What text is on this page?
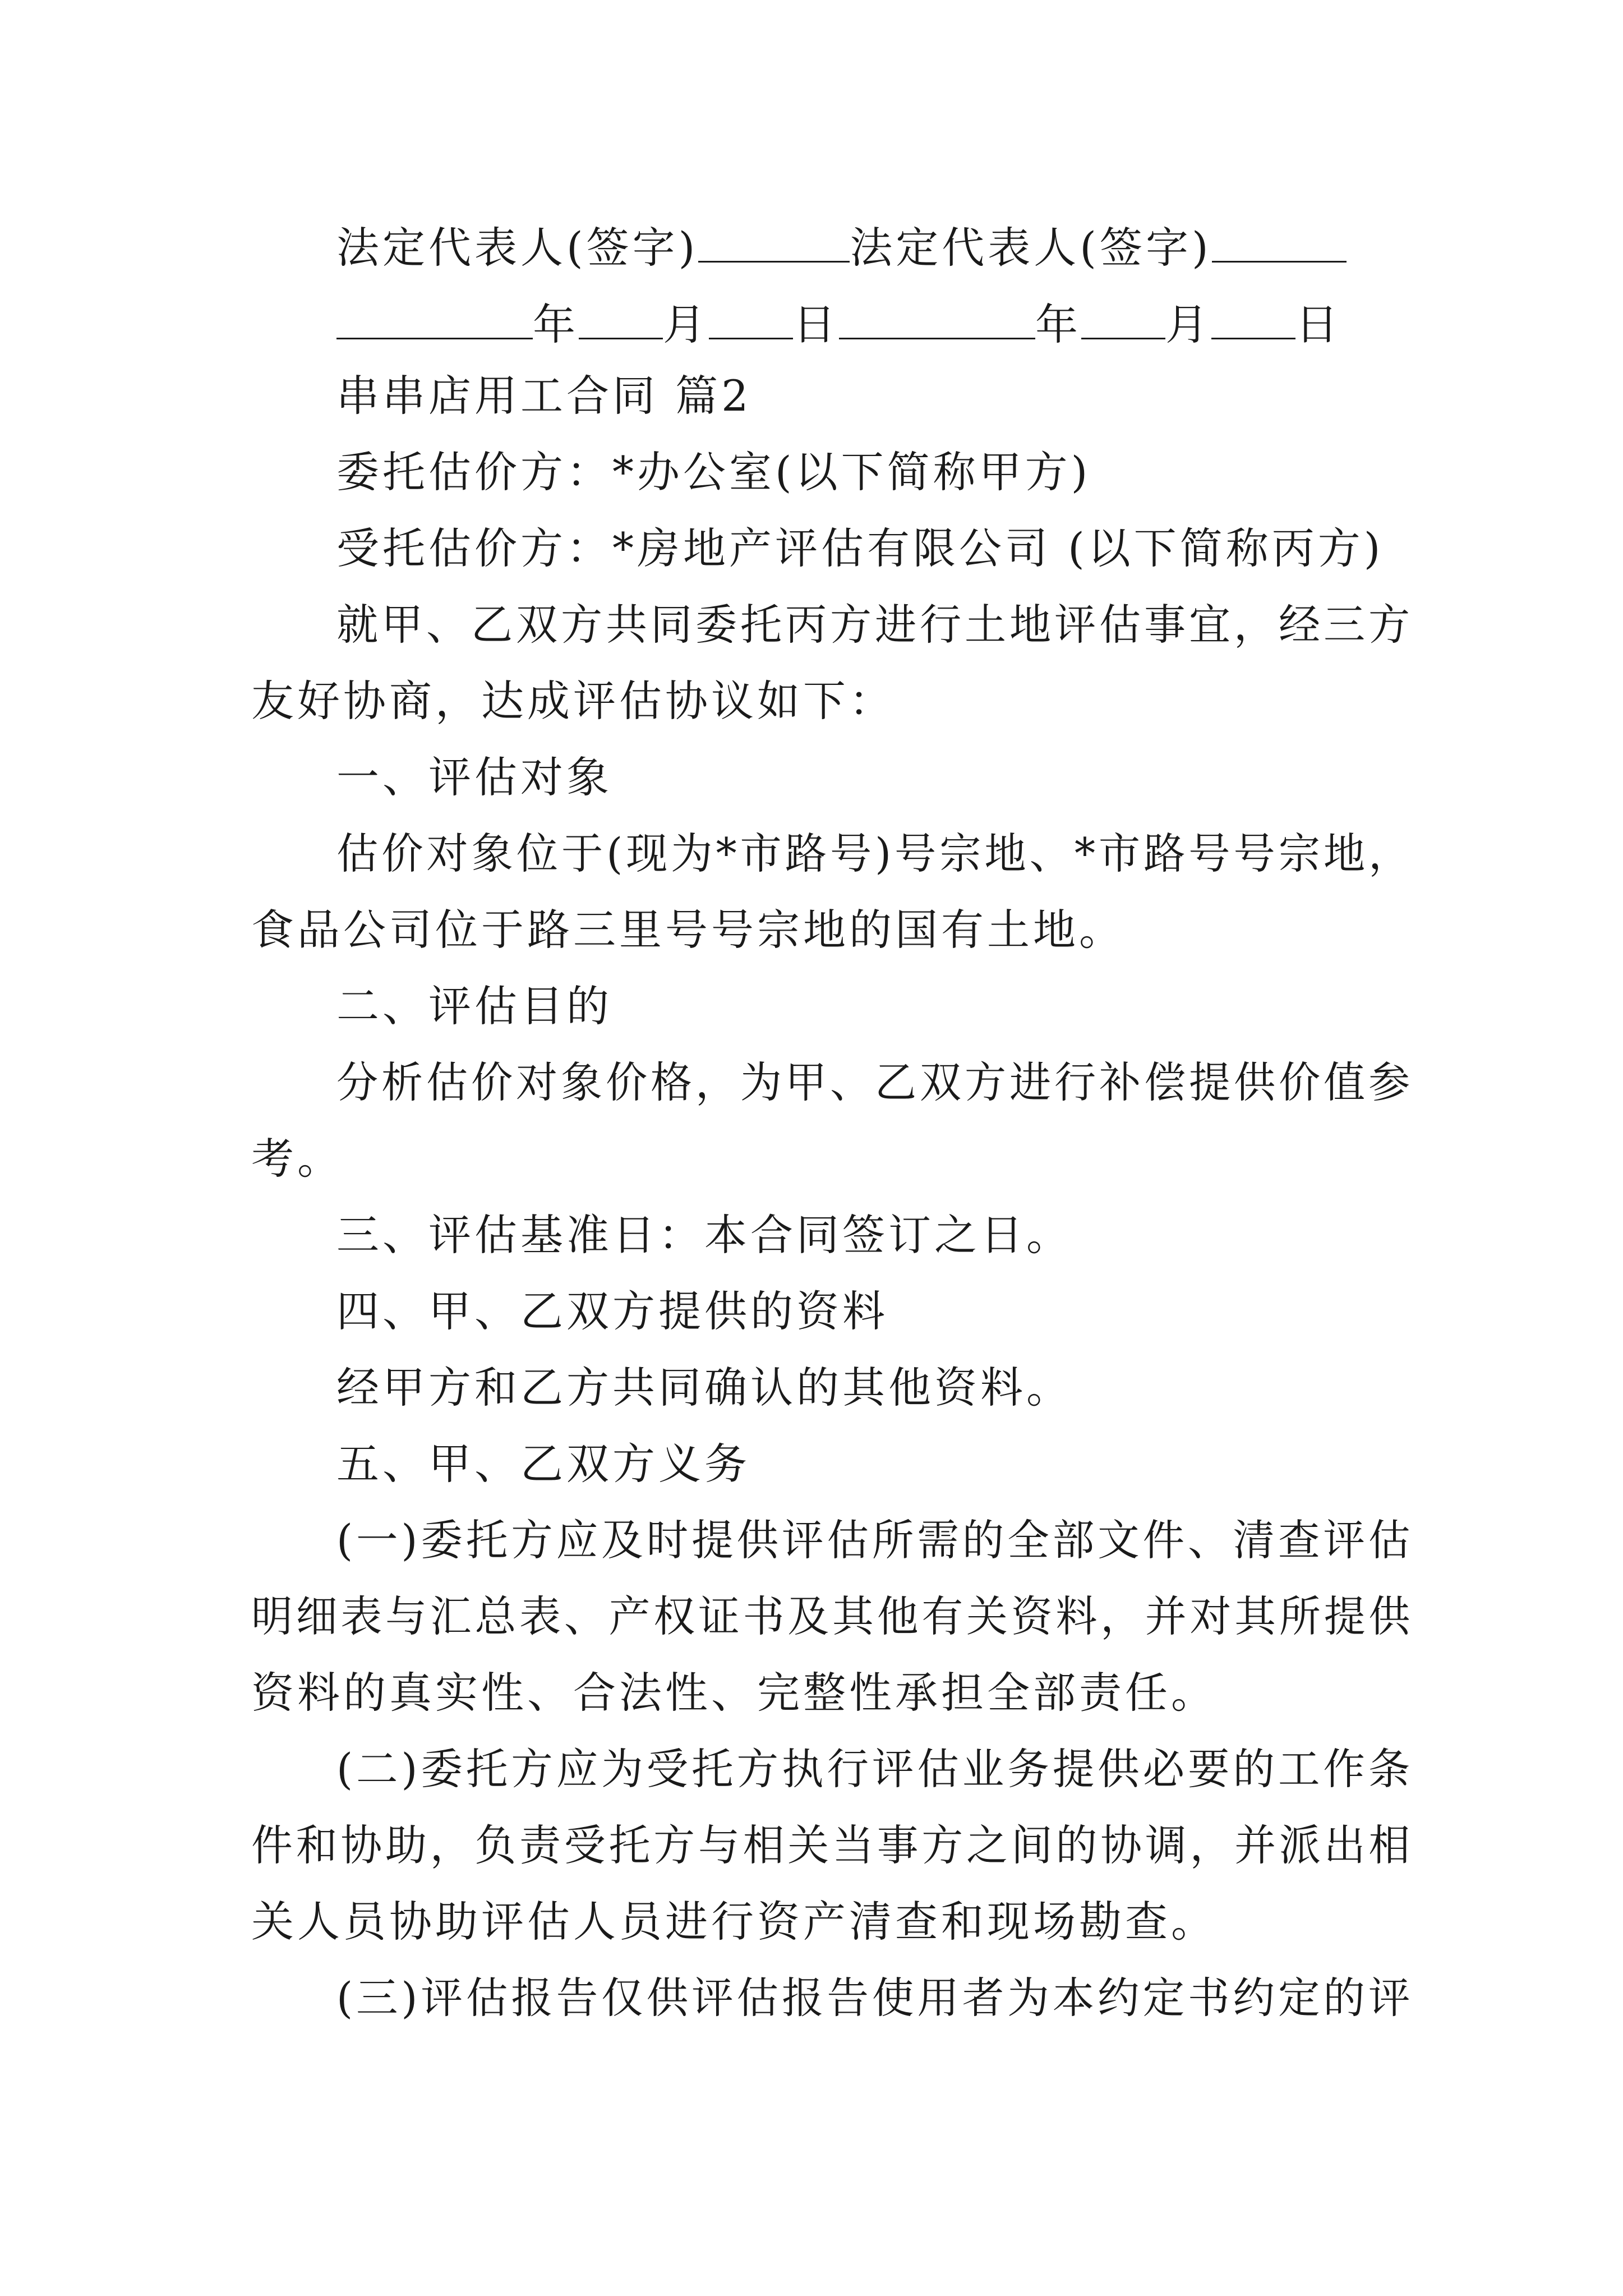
法定代表人(签字)	法定代表人(签字)
年 月 日	年 月 日
串串店用工合同 篇2
委托估价方：*办公室(以下简称甲方)
受托估价方：*房地产评估有限公司 (以下简称丙方)
就甲、乙双方共同委托丙方进行土地评估事宜，经三方
友好协商，达成评估协议如下：
一、评估对象
估价对象位于(现为*市路号)号宗地、*市路号号宗地，
食品公司位于路三里号号宗地的国有土地。
二、评估目的
分析估价对象价格，为甲、乙双方进行补偿提供价值参
考。
三、评估基准日：本合同签订之日。
四、甲、乙双方提供的资料
经甲方和乙方共同确认的其他资料。
五、甲、乙双方义务
(一)委托方应及时提供评估所需的全部文件、清查评估
明细表与汇总表、产权证书及其他有关资料，并对其所提供
资料的真实性、合法性、完整性承担全部责任。
(二)委托方应为受托方执行评估业务提供必要的工作条
件和协助，负责受托方与相关当事方之间的协调，并派出相
关人员协助评估人员进行资产清查和现场勘查。
(三)评估报告仅供评估报告使用者为本约定书约定的评
